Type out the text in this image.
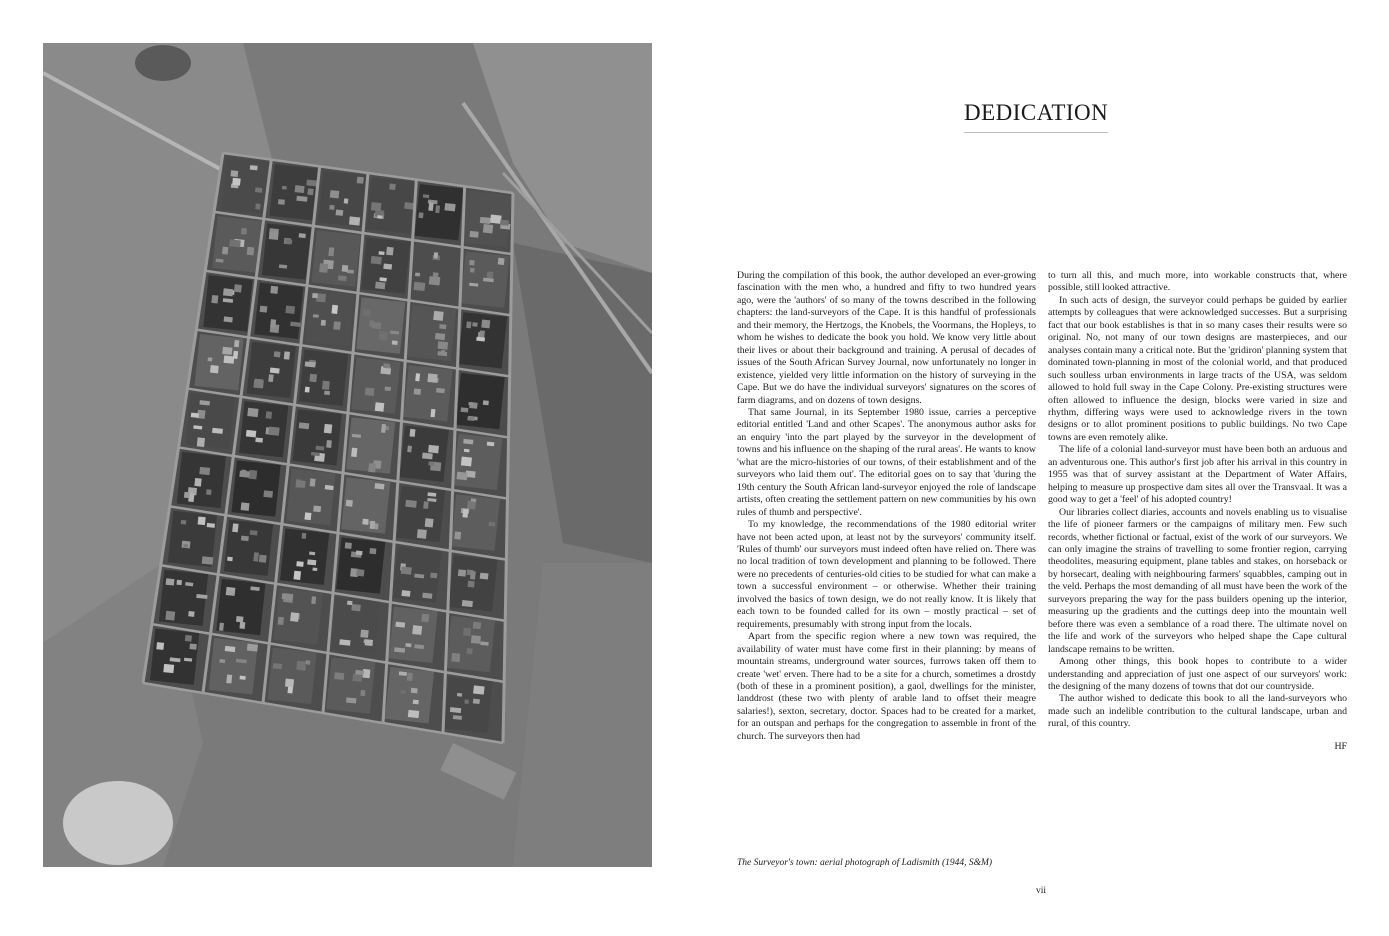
DEDICATION

During the compilation of this book, the author developed an ever-growing fascination with the men who, a hundred and fifty to two hundred years ago, were the 'authors' of so many of the towns described in the following chapters: the land-surveyors of the Cape. It is this handful of professionals and their memory, the Hertzogs, the Knobels, the Voormans, the Hopleys, to whom he wishes to dedicate the book you hold. We know very little about their lives or about their background and training. A perusal of decades of issues of the South African Survey Journal, now unfortunately no longer in existence, yielded very little information on the history of surveying in the Cape. But we do have the individual surveyors' signatures on the scores of farm diagrams, and on dozens of town designs.

That same Journal, in its September 1980 issue, carries a perceptive editorial entitled 'Land and other Scapes'. The anonymous author asks for an enquiry 'into the part played by the surveyor in the development of towns and his influence on the shaping of the rural areas'. He wants to know 'what are the micro-histories of our towns, of their establishment and of the surveyors who laid them out'. The editorial goes on to say that 'during the 19th century the South African land-surveyor enjoyed the role of landscape artists, often creating the settlement pattern on new communities by his own rules of thumb and perspective'.

To my knowledge, the recommendations of the 1980 editorial writer have not been acted upon, at least not by the surveyors' community itself. 'Rules of thumb' our surveyors must indeed often have relied on. There was no local tradition of town development and planning to be followed. There were no precedents of centuries-old cities to be studied for what can make a town a successful environment – or otherwise. Whether their training involved the basics of town design, we do not really know. It is likely that each town to be founded called for its own – mostly practical – set of requirements, presumably with strong input from the locals.

Apart from the specific region where a new town was required, the availability of water must have come first in their planning: by means of mountain streams, underground water sources, furrows taken off them to create 'wet' erven. There had to be a site for a church, sometimes a drostdy (both of these in a prominent position), a gaol, dwellings for the minister, landdrost (these two with plenty of arable land to offset their meagre salaries!), sexton, secretary, doctor. Spaces had to be created for a market, for an outspan and perhaps for the congregation to assemble in front of the church. The surveyors then had

to turn all this, and much more, into workable constructs that, where possible, still looked attractive.

In such acts of design, the surveyor could perhaps be guided by earlier attempts by colleagues that were acknowledged successes. But a surprising fact that our book establishes is that in so many cases their results were so original. No, not many of our town designs are masterpieces, and our analyses contain many a critical note. But the 'gridiron' planning system that dominated town-planning in most of the colonial world, and that produced such soulless urban environments in large tracts of the USA, was seldom allowed to hold full sway in the Cape Colony. Pre-existing structures were often allowed to influence the design, blocks were varied in size and rhythm, differing ways were used to acknowledge rivers in the town designs or to allot prominent positions to public buildings. No two Cape towns are even remotely alike.

The life of a colonial land-surveyor must have been both an arduous and an adventurous one. This author's first job after his arrival in this country in 1955 was that of survey assistant at the Department of Water Affairs, helping to measure up prospective dam sites all over the Transvaal. It was a good way to get a 'feel' of his adopted country!

Our libraries collect diaries, accounts and novels enabling us to visualise the life of pioneer farmers or the campaigns of military men. Few such records, whether fictional or factual, exist of the work of our surveyors. We can only imagine the strains of travelling to some frontier region, carrying theodolites, measuring equipment, plane tables and stakes, on horseback or by horsecart, dealing with neighbouring farmers' squabbles, camping out in the veld. Perhaps the most demanding of all must have been the work of the surveyors preparing the way for the pass builders opening up the interior, measuring up the gradients and the cuttings deep into the mountain well before there was even a semblance of a road there. The ultimate novel on the life and work of the surveyors who helped shape the Cape cultural landscape remains to be written.

Among other things, this book hopes to contribute to a wider understanding and appreciation of just one aspect of our surveyors' work: the designing of the many dozens of towns that dot our countryside.

The author wished to dedicate this book to all the land-surveyors who made such an indelible contribution to the cultural landscape, urban and rural, of this country.

HF
The Surveyor's town: aerial photograph of Ladismith (1944, S&M)
vii
